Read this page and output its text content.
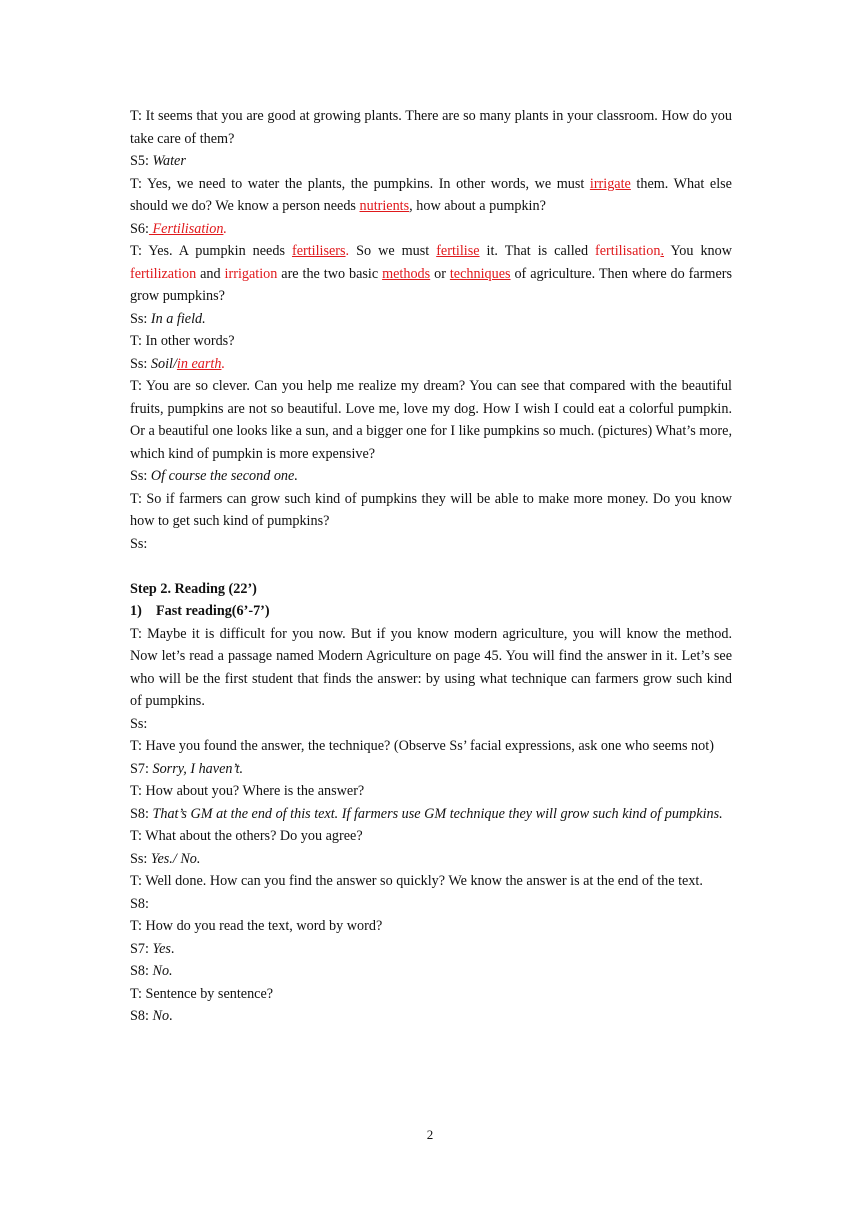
T: It seems that you are good at growing plants. There are so many plants in your classroom. How do you take care of them?

S5: Water

T: Yes, we need to water the plants, the pumpkins. In other words, we must irrigate them. What else should we do? We know a person needs nutrients, how about a pumpkin?

S6: Fertilisation.

T: Yes. A pumpkin needs fertilisers. So we must fertilise it. That is called fertilisation. You know fertilization and irrigation are the two basic methods or techniques of agriculture. Then where do farmers grow pumpkins?

Ss: In a field.

T: In other words?

Ss: Soil/in earth.

T: You are so clever. Can you help me realize my dream? You can see that compared with the beautiful fruits, pumpkins are not so beautiful. Love me, love my dog. How I wish I could eat a colorful pumpkin. Or a beautiful one looks like a sun, and a bigger one for I like pumpkins so much. (pictures) What’s more, which kind of pumpkin is more expensive?

Ss: Of course the second one.

T: So if farmers can grow such kind of pumpkins they will be able to make more money. Do you know how to get such kind of pumpkins?

Ss:

Step 2. Reading (22’)

1) Fast reading(6’-7’)

T: Maybe it is difficult for you now. But if you know modern agriculture, you will know the method. Now let’s read a passage named Modern Agriculture on page 45. You will find the answer in it. Let’s see who will be the first student that finds the answer: by using what technique can farmers grow such kind of pumpkins.

Ss:

T: Have you found the answer, the technique? (Observe Ss’ facial expressions, ask one who seems not)

S7: Sorry, I haven’t.

T: How about you? Where is the answer?

S8: That’s GM at the end of this text. If farmers use GM technique they will grow such kind of pumpkins.

T: What about the others? Do you agree?

Ss: Yes./ No.

T: Well done. How can you find the answer so quickly? We know the answer is at the end of the text.

S8:

T: How do you read the text, word by word?

S7: Yes.

S8: No.

T: Sentence by sentence?

S8: No.

2
